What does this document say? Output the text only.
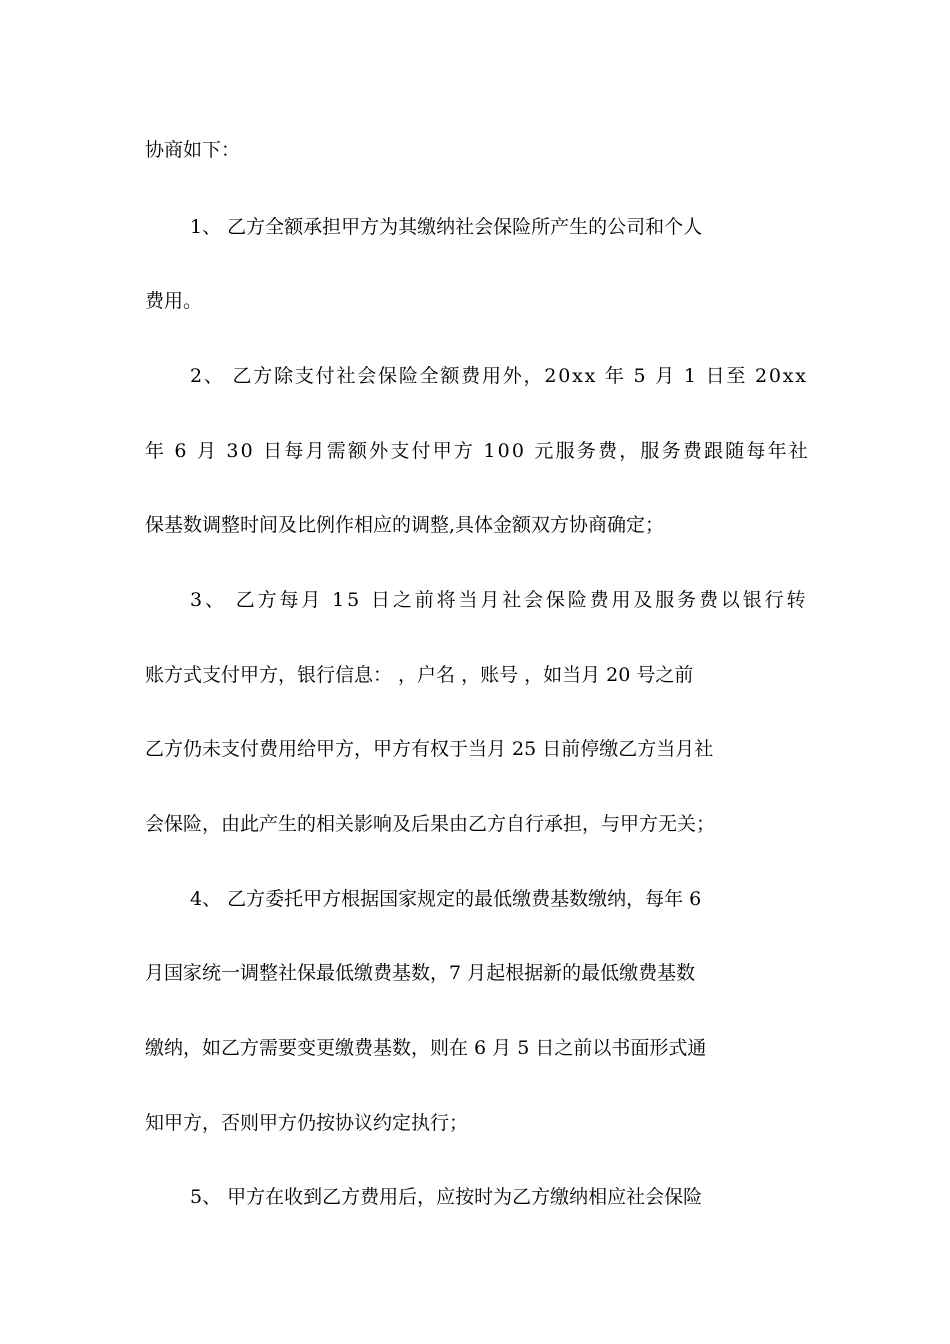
协商如下：
1、 乙方全额承担甲方为其缴纳社会保险所产生的公司和个人
费用。
2、 乙方除支付社会保险全额费用外，20xx 年 5 月 1 日至 20xx
年 6 月 30 日每月需额外支付甲方 100 元服务费，服务费跟随每年社
保基数调整时间及比例作相应的调整,具体金额双方协商确定；
3、 乙方每月 15 日之前将当月社会保险费用及服务费以银行转
账方式支付甲方，银行信息： ，户名 ，账号 ，如当月 20 号之前
乙方仍未支付费用给甲方，甲方有权于当月 25 日前停缴乙方当月社
会保险，由此产生的相关影响及后果由乙方自行承担，与甲方无关；
4、 乙方委托甲方根据国家规定的最低缴费基数缴纳，每年 6
月国家统一调整社保最低缴费基数，7 月起根据新的最低缴费基数
缴纳，如乙方需要变更缴费基数，则在 6 月 5 日之前以书面形式通
知甲方，否则甲方仍按协议约定执行；
5、 甲方在收到乙方费用后，应按时为乙方缴纳相应社会保险
